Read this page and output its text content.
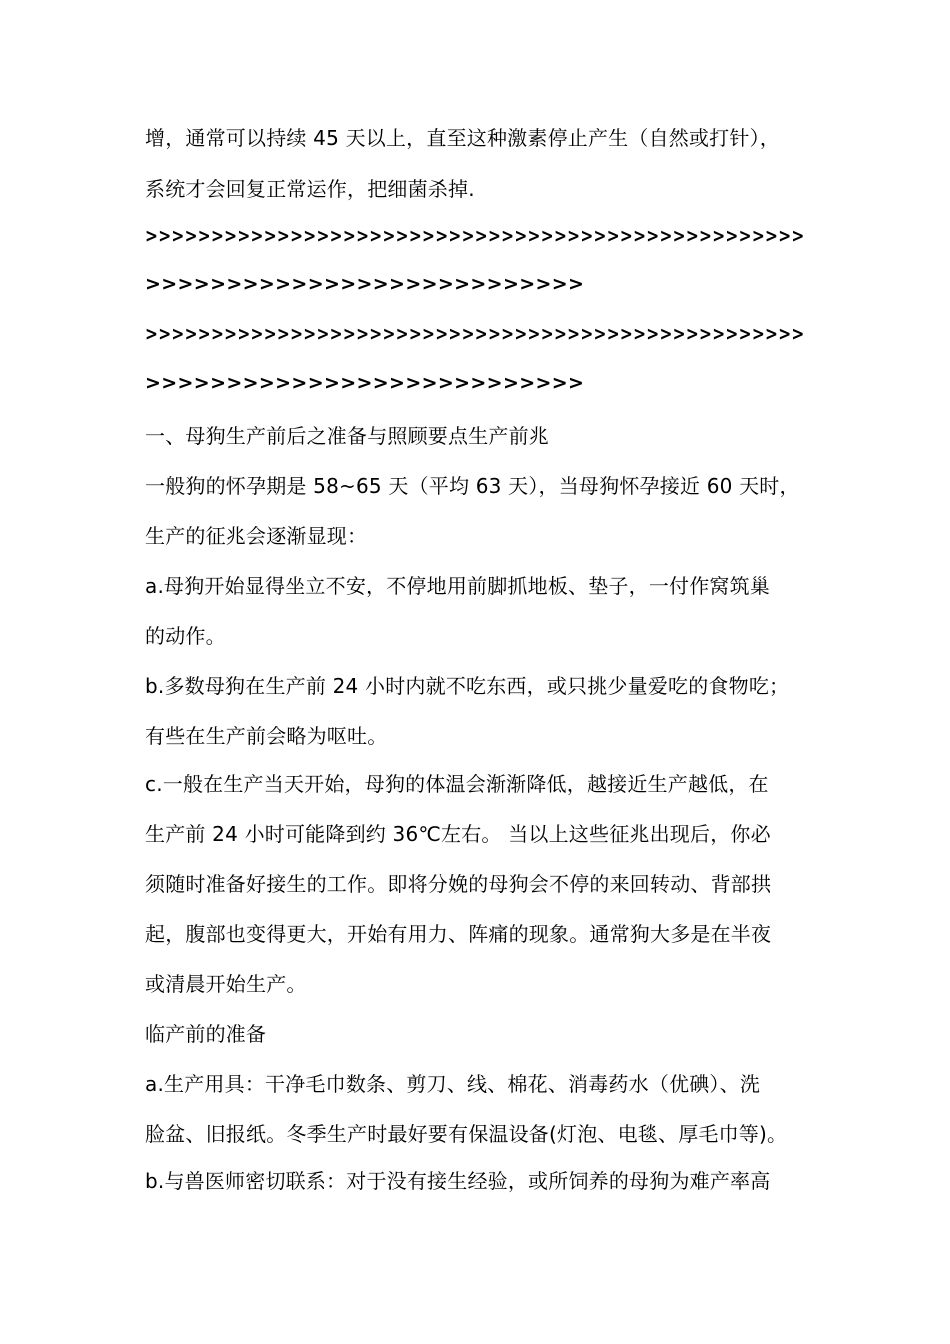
增，通常可以持续 45 天以上，直至这种激素停止产生（自然或打针），
系统才会回复正常运作，把细菌杀掉.
>>>>>>>>>>>>>>>>>>>>>>>>>>>>>>>>>>>>>>>>>>>>>>>>>>
>>>>>>>>>>>>>>>>>>>>>>>>>>>
>>>>>>>>>>>>>>>>>>>>>>>>>>>>>>>>>>>>>>>>>>>>>>>>>>
>>>>>>>>>>>>>>>>>>>>>>>>>>>
一、母狗生产前后之准备与照顾要点生产前兆
一般狗的怀孕期是 58~65 天（平均 63 天），当母狗怀孕接近 60 天时，
生产的征兆会逐渐显现：
a.母狗开始显得坐立不安，不停地用前脚抓地板、垫子，一付作窝筑巢
的动作。
b.多数母狗在生产前 24 小时内就不吃东西，或只挑少量爱吃的食物吃；
有些在生产前会略为呕吐。
c.一般在生产当天开始，母狗的体温会渐渐降低，越接近生产越低，在
生产前 24 小时可能降到约 36℃左右。 当以上这些征兆出现后，你必
须随时准备好接生的工作。即将分娩的母狗会不停的来回转动、背部拱
起，腹部也变得更大，开始有用力、阵痛的现象。通常狗大多是在半夜
或清晨开始生产。
临产前的准备
a.生产用具：干净毛巾数条、剪刀、线、棉花、消毒药水（优碘）、洗
脸盆、旧报纸。冬季生产时最好要有保温设备(灯泡、电毯、厚毛巾等)。
b.与兽医师密切联系：对于没有接生经验，或所饲养的母狗为难产率高
